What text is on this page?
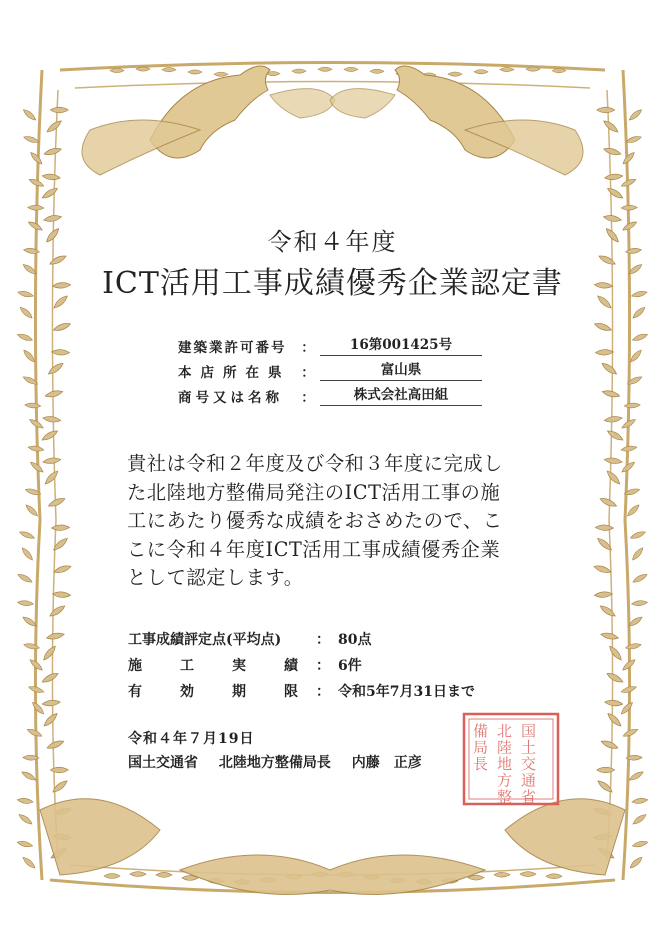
国
土
交
通
省
北
陸
地
方
整
備
局
長
令和４年度
ICT活用工事成績優秀企業認定書
建築業許可番号	：	16第001425号
本店所在県 ：	富山県
商号又は名称	：	株式会社高田組
貴社は令和２年度及び令和３年度に完成し
た北陸地方整備局発注のICT活用工事の施
工にあたり優秀な成績をおさめたので、こ
こに令和４年度ICT活用工事成績優秀企業
として認定します。
工事成績評定点(平均点)	： 80点
施	工	実	績 ： 6件
有	効	期	限 ： 令和5年7月31日まで
令和４年７月19日
国土交通省 北陸地方整備局長 内藤　正彦
